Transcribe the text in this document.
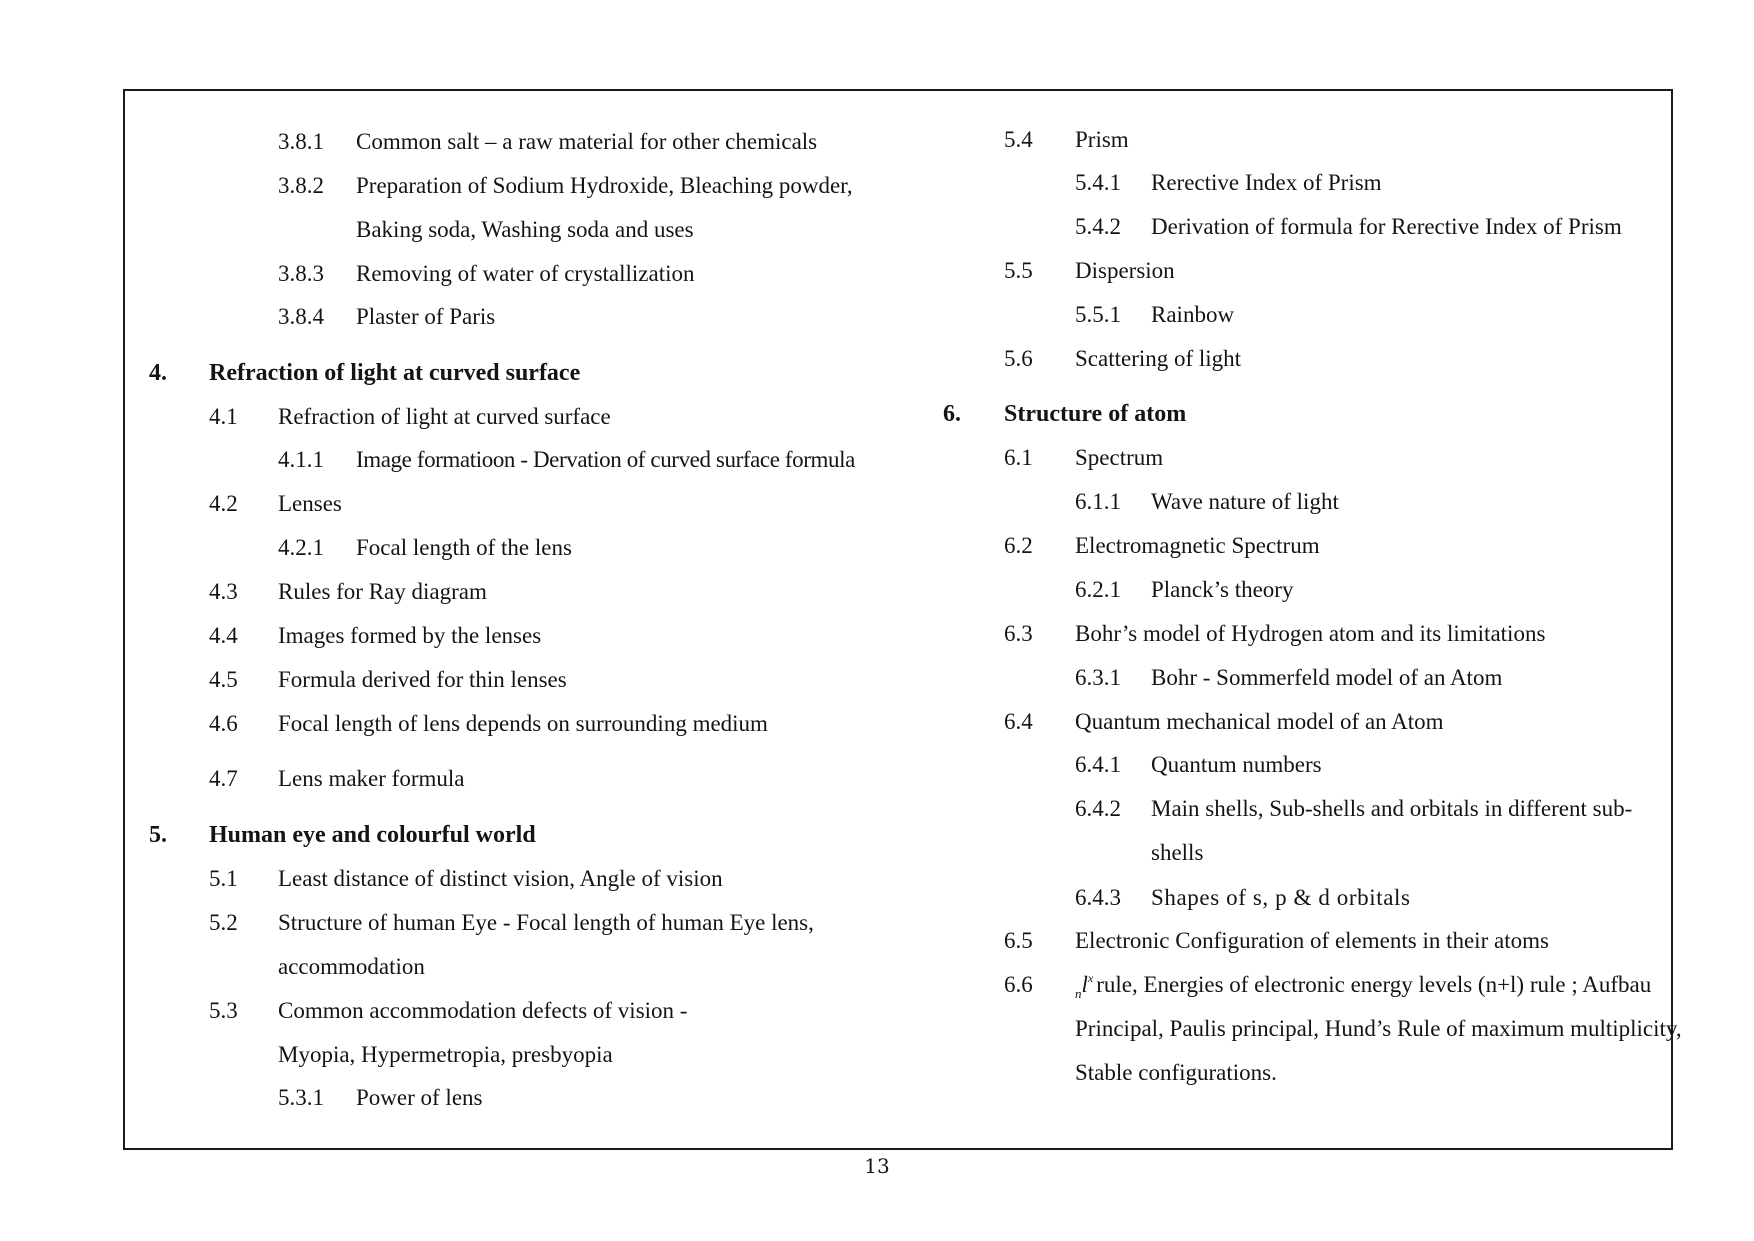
3.8.1 Common salt – a raw material for other chemicals
3.8.2 Preparation of Sodium Hydroxide, Bleaching powder,
Baking soda, Washing soda and uses
3.8.3 Removing of water of crystallization
3.8.4 Plaster of Paris
4. Refraction of light at curved surface
4.1 Refraction of light at curved surface
4.1.1 Image formatioon - Dervation of curved surface formula
4.2 Lenses
4.2.1 Focal length of the lens
4.3 Rules for Ray diagram
4.4 Images formed by the lenses
4.5 Formula derived for thin lenses
4.6 Focal length of lens depends on surrounding medium
4.7 Lens maker formula
5. Human eye and colourful world
5.1 Least distance of distinct vision, Angle of vision
5.2 Structure of human Eye - Focal length of human Eye lens,
accommodation
5.3 Common accommodation defects of vision -
Myopia, Hypermetropia, presbyopia
5.3.1 Power of lens
5.4 Prism
5.4.1 Rerective Index of Prism
5.4.2 Derivation of formula for Rerective Index of Prism
5.5 Dispersion
5.5.1 Rainbow
5.6 Scattering of light
6. Structure of atom
6.1 Spectrum
6.1.1 Wave nature of light
6.2 Electromagnetic Spectrum
6.2.1 Planck’s theory
6.3 Bohr’s model of Hydrogen atom and its limitations
6.3.1 Bohr - Sommerfeld model of an Atom
6.4 Quantum mechanical model of an Atom
6.4.1 Quantum numbers
6.4.2 Main shells, Sub-shells and orbitals in different sub-
shells
6.4.3 Shapes of s, p & d orbitals
6.5 Electronic Configuration of elements in their atoms
6.6	$_nl^x$ rule, Energies of electronic energy levels (n+l) rule ; Aufbau
Principal, Paulis principal, Hund’s Rule of maximum multiplicity,
Stable configurations.
13
